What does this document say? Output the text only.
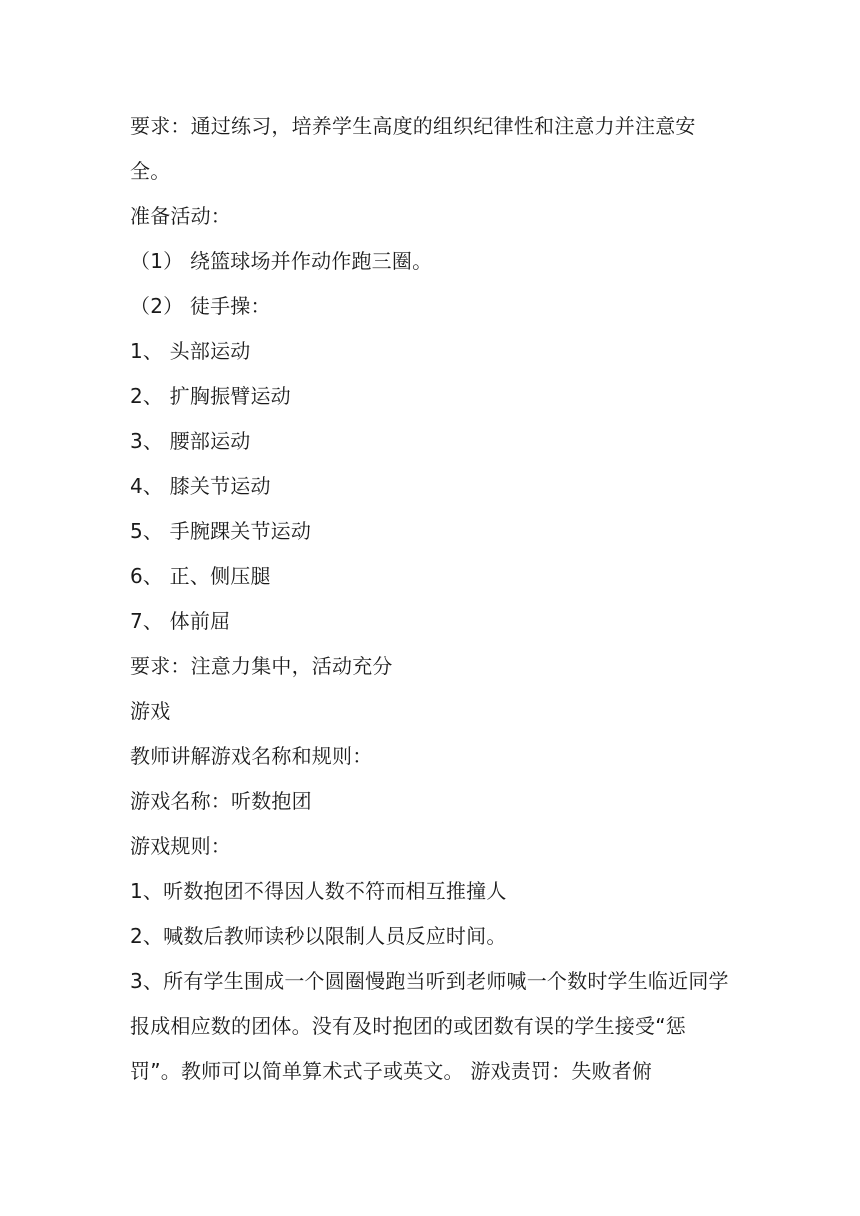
要求：通过练习，培养学生高度的组织纪律性和注意力并注意安全。
准备活动：
（1） 绕篮球场并作动作跑三圈。
（2） 徒手操：
1、 头部运动
2、 扩胸振臂运动
3、 腰部运动
4、 膝关节运动
5、 手腕踝关节运动
6、 正、侧压腿
7、 体前屈
要求：注意力集中，活动充分
游戏
教师讲解游戏名称和规则：
游戏名称：听数抱团
游戏规则：
1、听数抱团不得因人数不符而相互推撞人
2、喊数后教师读秒以限制人员反应时间。
3、所有学生围成一个圆圈慢跑当听到老师喊一个数时学生临近同学报成相应数的团体。没有及时抱团的或团数有误的学生接受“惩罚”。教师可以简单算术式子或英文。 游戏责罚：失败者俯
